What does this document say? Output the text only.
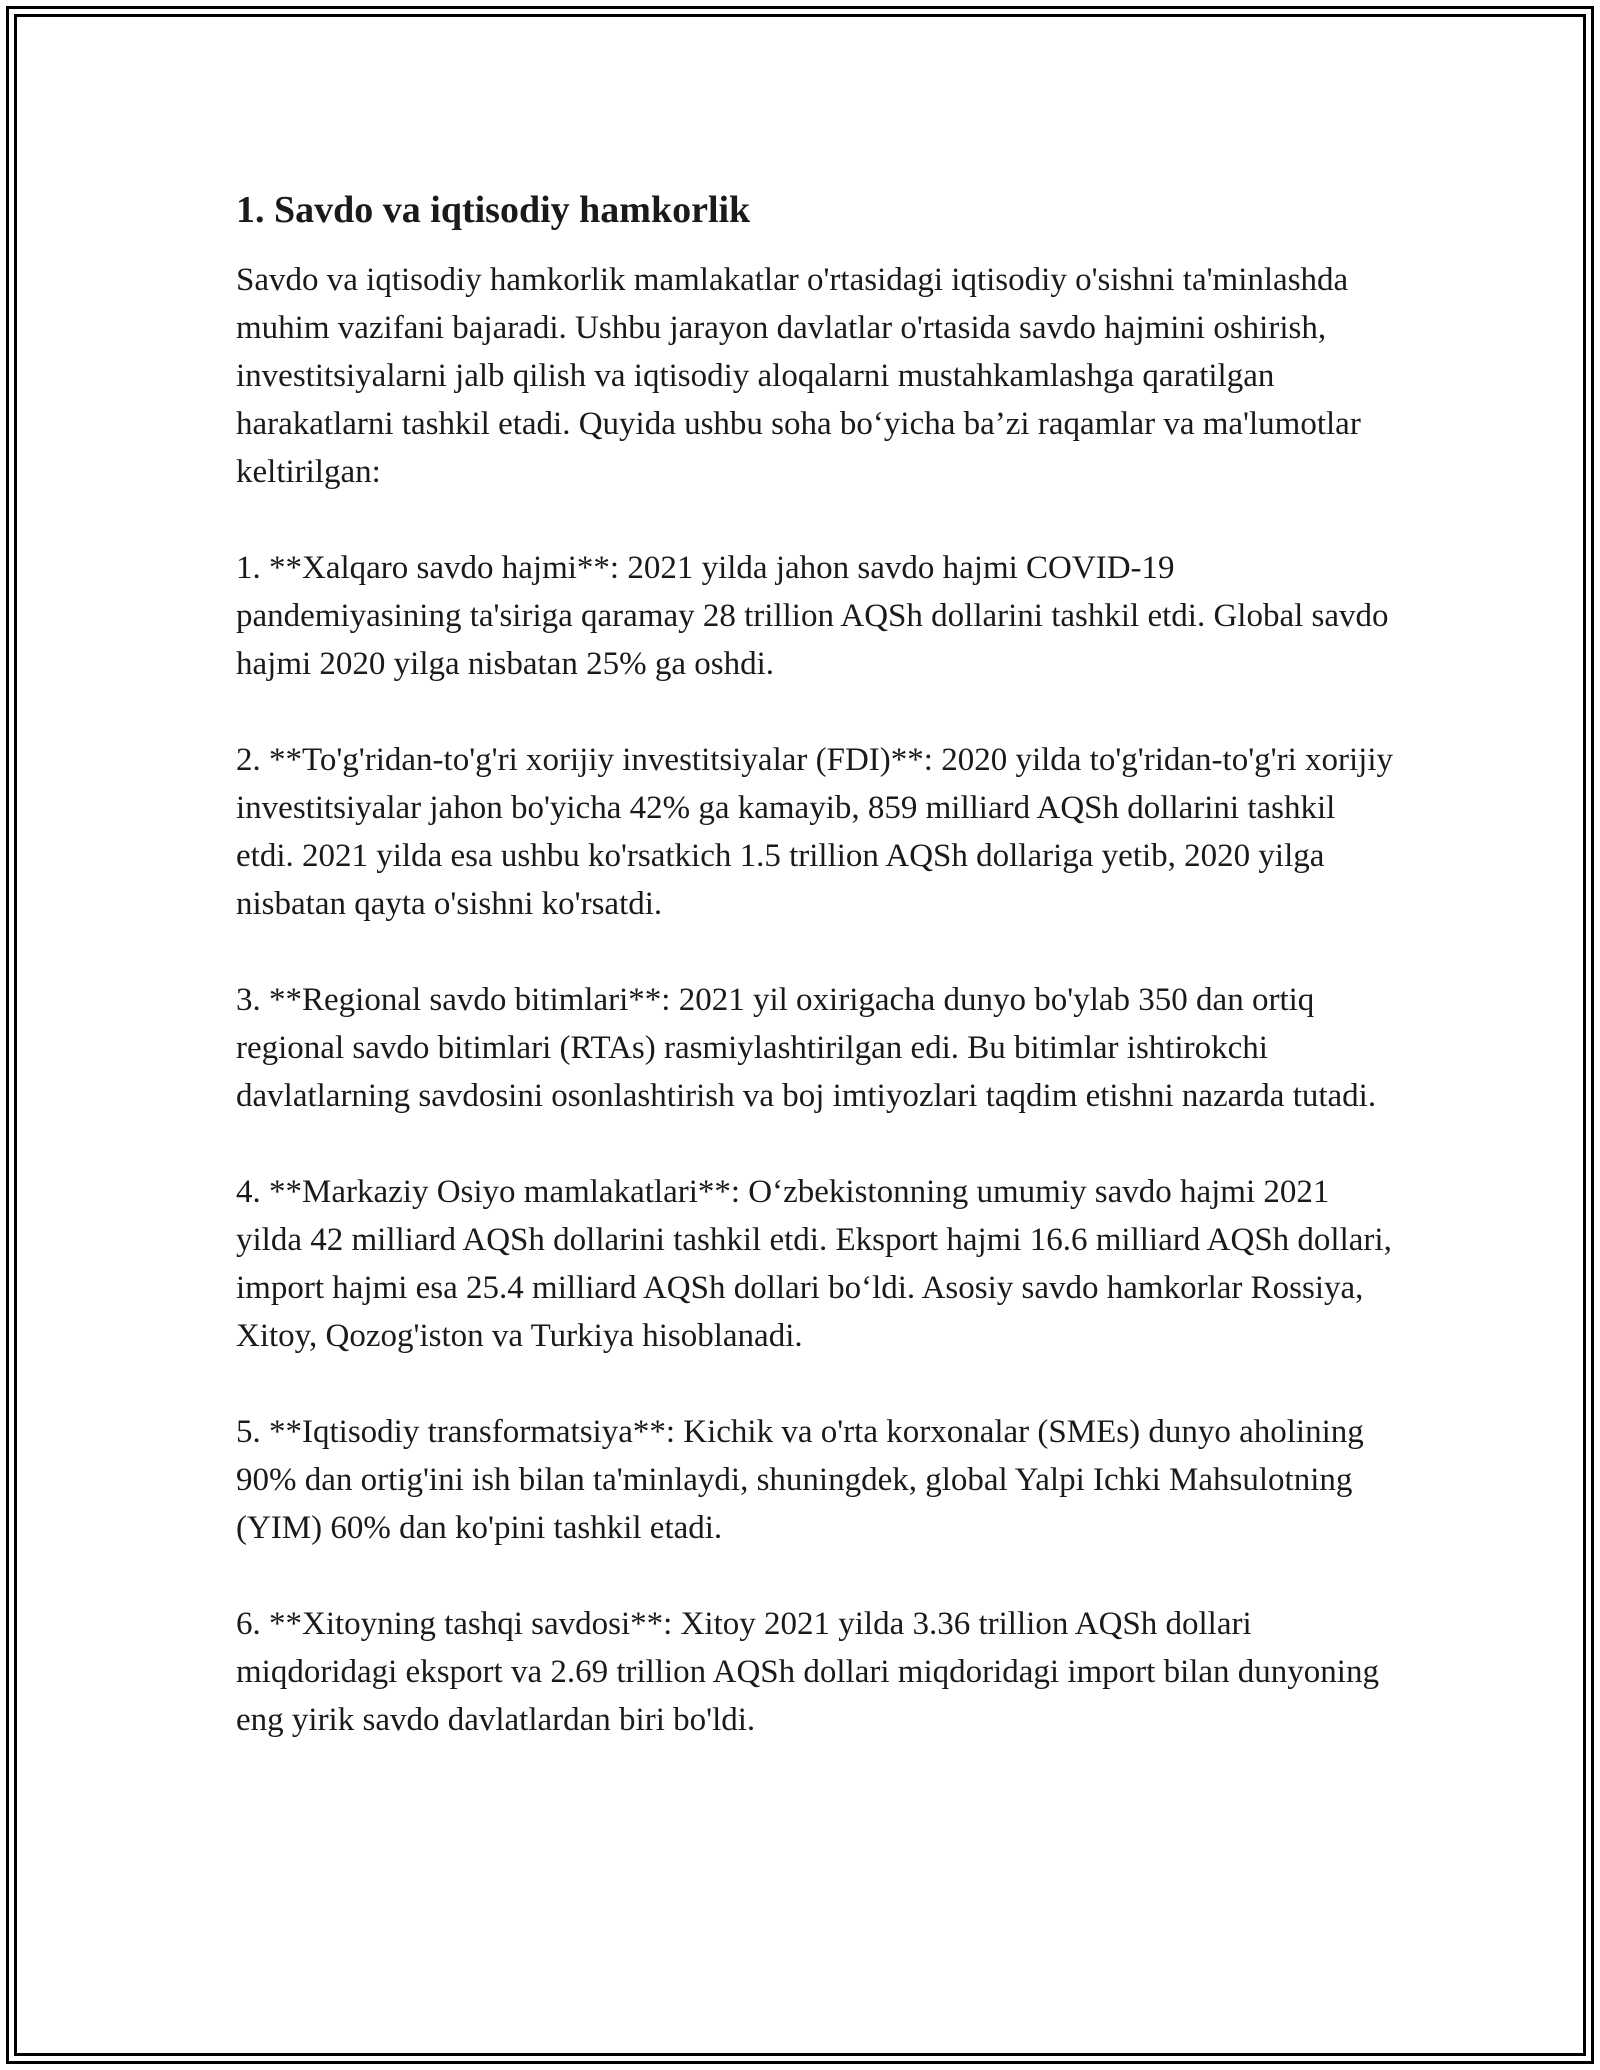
1. Savdo va iqtisodiy hamkorlik

Savdo va iqtisodiy hamkorlik mamlakatlar o'rtasidagi iqtisodiy o'sishni ta'minlashda muhim vazifani bajaradi. Ushbu jarayon davlatlar o'rtasida savdo hajmini oshirish, investitsiyalarni jalb qilish va iqtisodiy aloqalarni mustahkamlashga qaratilgan harakatlarni tashkil etadi. Quyida ushbu soha bo‘yicha ba’zi raqamlar va ma'lumotlar keltirilgan:

1. **Xalqaro savdo hajmi**: 2021 yilda jahon savdo hajmi COVID-19 pandemiyasining ta'siriga qaramay 28 trillion AQSh dollarini tashkil etdi. Global savdo hajmi 2020 yilga nisbatan 25% ga oshdi.

2. **To'g'ridan-to'g'ri xorijiy investitsiyalar (FDI)**: 2020 yilda to'g'ridan-to'g'ri xorijiy investitsiyalar jahon bo'yicha 42% ga kamayib, 859 milliard AQSh dollarini tashkil etdi. 2021 yilda esa ushbu ko'rsatkich 1.5 trillion AQSh dollariga yetib, 2020 yilga nisbatan qayta o'sishni ko'rsatdi.

3. **Regional savdo bitimlari**: 2021 yil oxirigacha dunyo bo'ylab 350 dan ortiq regional savdo bitimlari (RTAs) rasmiylashtirilgan edi. Bu bitimlar ishtirokchi davlatlarning savdosini osonlashtirish va boj imtiyozlari taqdim etishni nazarda tutadi.

4. **Markaziy Osiyo mamlakatlari**: O‘zbekistonning umumiy savdo hajmi 2021 yilda 42 milliard AQSh dollarini tashkil etdi. Eksport hajmi 16.6 milliard AQSh dollari, import hajmi esa 25.4 milliard AQSh dollari bo‘ldi. Asosiy savdo hamkorlar Rossiya, Xitoy, Qozog'iston va Turkiya hisoblanadi.

5. **Iqtisodiy transformatsiya**: Kichik va o'rta korxonalar (SMEs) dunyo aholining 90% dan ortig'ini ish bilan ta'minlaydi, shuningdek, global Yalpi Ichki Mahsulotning (YIM) 60% dan ko'pini tashkil etadi.

6. **Xitoyning tashqi savdosi**: Xitoy 2021 yilda 3.36 trillion AQSh dollari miqdoridagi eksport va 2.69 trillion AQSh dollari miqdoridagi import bilan dunyoning eng yirik savdo davlatlardan biri bo'ldi.
